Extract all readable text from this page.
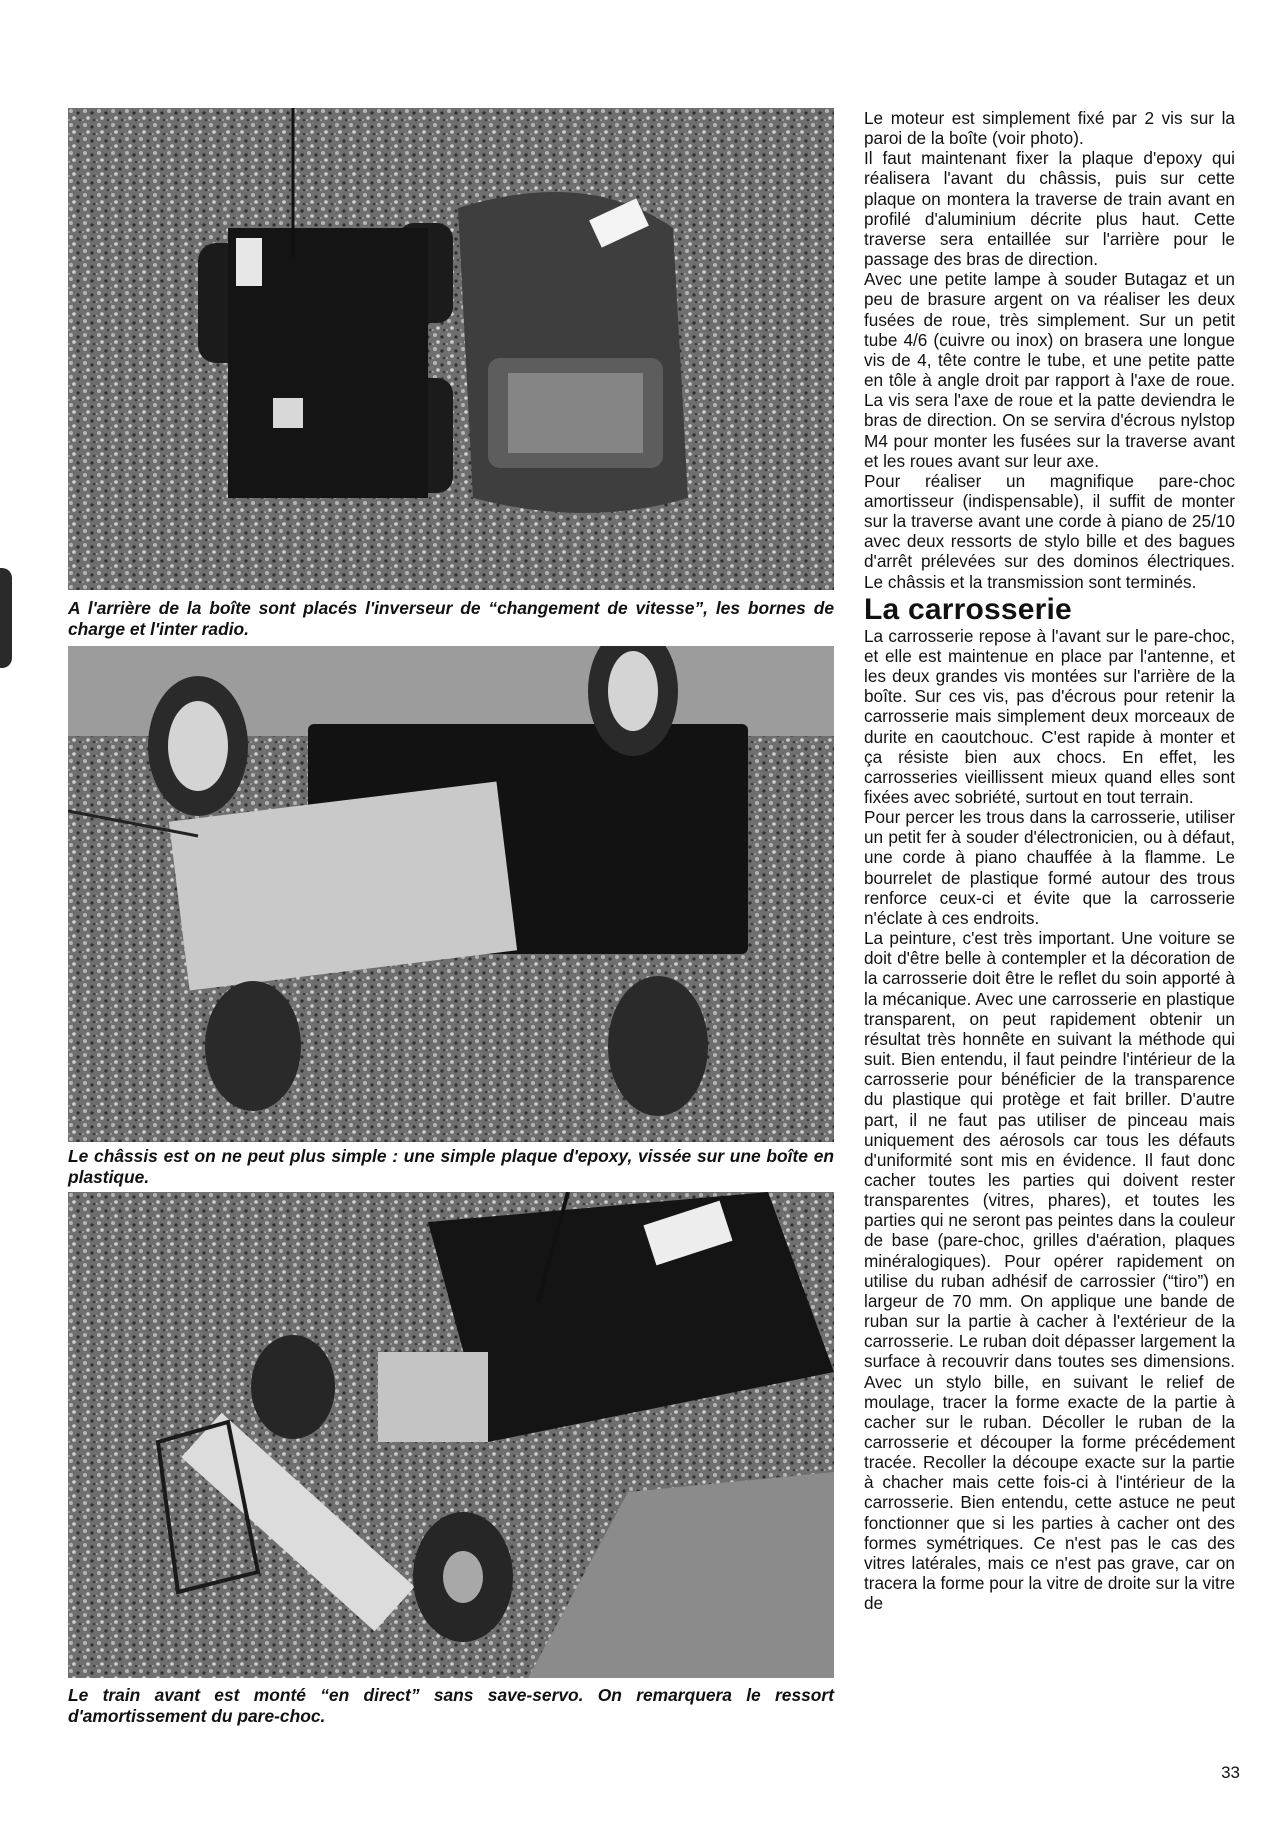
A l'arrière de la boîte sont placés l'inverseur de “changement de vitesse”, les bornes de charge et l'inter radio.

Le châssis est on ne peut plus simple : une simple plaque d'epoxy, vissée sur une boîte en plastique.

Le train avant est monté “en direct” sans save-servo. On remarquera le ressort d'amortissement du pare-choc.

Le moteur est simplement fixé par 2 vis sur la paroi de la boîte (voir photo).

Il faut maintenant fixer la plaque d'epoxy qui réalisera l'avant du châssis, puis sur cette plaque on montera la traverse de train avant en profilé d'aluminium décrite plus haut. Cette traverse sera entaillée sur l'arrière pour le passage des bras de direction.

Avec une petite lampe à souder Butagaz et un peu de brasure argent on va réaliser les deux fusées de roue, très simplement. Sur un petit tube 4/6 (cuivre ou inox) on brasera une longue vis de 4, tête contre le tube, et une petite patte en tôle à angle droit par rapport à l'axe de roue. La vis sera l'axe de roue et la patte deviendra le bras de direction. On se servira d'écrous nylstop M4 pour monter les fusées sur la traverse avant et les roues avant sur leur axe.

Pour réaliser un magnifique pare-choc amortisseur (indispensable), il suffit de monter sur la traverse avant une corde à piano de 25/10 avec deux ressorts de stylo bille et des bagues d'arrêt prélevées sur des dominos électriques. Le châssis et la transmission sont terminés.

La carrosserie

La carrosserie repose à l'avant sur le pare-choc, et elle est maintenue en place par l'antenne, et les deux grandes vis montées sur l'arrière de la boîte. Sur ces vis, pas d'écrous pour retenir la carrosserie mais simplement deux morceaux de durite en caoutchouc. C'est rapide à monter et ça résiste bien aux chocs. En effet, les carrosseries vieillissent mieux quand elles sont fixées avec sobriété, surtout en tout terrain.

Pour percer les trous dans la carrosserie, utiliser un petit fer à souder d'électronicien, ou à défaut, une corde à piano chauffée à la flamme. Le bourrelet de plastique formé autour des trous renforce ceux-ci et évite que la carrosserie n'éclate à ces endroits.

La peinture, c'est très important. Une voiture se doit d'être belle à contempler et la décoration de la carrosserie doit être le reflet du soin apporté à la mécanique. Avec une carrosserie en plastique transparent, on peut rapidement obtenir un résultat très honnête en suivant la méthode qui suit. Bien entendu, il faut peindre l'intérieur de la carrosserie pour bénéficier de la transparence du plastique qui protège et fait briller. D'autre part, il ne faut pas utiliser de pinceau mais uniquement des aérosols car tous les défauts d'uniformité sont mis en évidence. Il faut donc cacher toutes les parties qui doivent rester transparentes (vitres, phares), et toutes les parties qui ne seront pas peintes dans la couleur de base (pare-choc, grilles d'aération, plaques minéralogiques). Pour opérer rapidement on utilise du ruban adhésif de carrossier (“tiro”) en largeur de 70 mm. On applique une bande de ruban sur la partie à cacher à l'extérieur de la carrosserie. Le ruban doit dépasser largement la surface à recouvrir dans toutes ses dimensions. Avec un stylo bille, en suivant le relief de moulage, tracer la forme exacte de la partie à cacher sur le ruban. Décoller le ruban de la carrosserie et découper la forme précédement tracée. Recoller la découpe exacte sur la partie à chacher mais cette fois-ci à l'intérieur de la carrosserie. Bien entendu, cette astuce ne peut fonctionner que si les parties à cacher ont des formes symétriques. Ce n'est pas le cas des vitres latérales, mais ce n'est pas grave, car on tracera la forme pour la vitre de droite sur la vitre de

33
